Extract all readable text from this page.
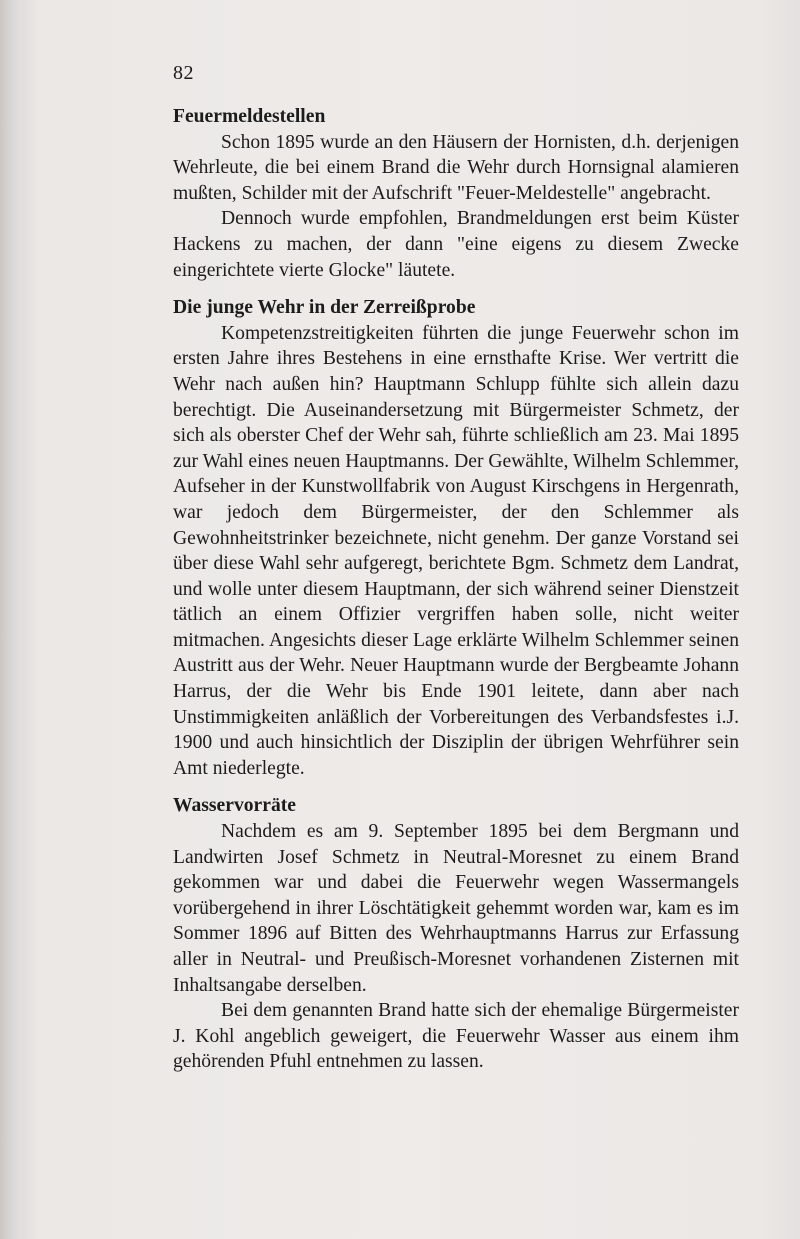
82
Feuermeldestellen

Schon 1895 wurde an den Häusern der Hornisten, d.h. derjenigen Wehrleute, die bei einem Brand die Wehr durch Hornsignal alamieren mußten, Schilder mit der Aufschrift "Feuer-Meldestelle" angebracht.

Dennoch wurde empfohlen, Brandmeldungen erst beim Küster Hackens zu machen, der dann "eine eigens zu diesem Zwecke eingerichtete vierte Glocke" läutete.

Die junge Wehr in der Zerreißprobe

Kompetenzstreitigkeiten führten die junge Feuerwehr schon im ersten Jahre ihres Bestehens in eine ernsthafte Krise. Wer vertritt die Wehr nach außen hin? Hauptmann Schlupp fühlte sich allein dazu berechtigt. Die Auseinandersetzung mit Bürgermeister Schmetz, der sich als oberster Chef der Wehr sah, führte schließlich am 23. Mai 1895 zur Wahl eines neuen Hauptmanns. Der Gewählte, Wilhelm Schlemmer, Aufseher in der Kunstwollfabrik von August Kirschgens in Hergenrath, war jedoch dem Bürgermeister, der den Schlemmer als Gewohnheitstrinker bezeichnete, nicht genehm. Der ganze Vorstand sei über diese Wahl sehr aufgeregt, berichtete Bgm. Schmetz dem Landrat, und wolle unter diesem Hauptmann, der sich während seiner Dienstzeit tätlich an einem Offizier vergriffen haben solle, nicht weiter mitmachen. Angesichts dieser Lage erklärte Wilhelm Schlemmer seinen Austritt aus der Wehr. Neuer Hauptmann wurde der Bergbeamte Johann Harrus, der die Wehr bis Ende 1901 leitete, dann aber nach Unstimmigkeiten anläßlich der Vorbereitungen des Verbandsfestes i.J. 1900 und auch hinsichtlich der Disziplin der übrigen Wehrführer sein Amt niederlegte.

Wasservorräte

Nachdem es am 9. September 1895 bei dem Bergmann und Landwirten Josef Schmetz in Neutral-Moresnet zu einem Brand gekommen war und dabei die Feuerwehr wegen Wassermangels vorübergehend in ihrer Löschtätigkeit gehemmt worden war, kam es im Sommer 1896 auf Bitten des Wehrhauptmanns Harrus zur Erfassung aller in Neutral- und Preußisch-Moresnet vorhandenen Zisternen mit Inhaltsangabe derselben.

Bei dem genannten Brand hatte sich der ehemalige Bürgermeister J. Kohl angeblich geweigert, die Feuerwehr Wasser aus einem ihm gehörenden Pfuhl entnehmen zu lassen.
